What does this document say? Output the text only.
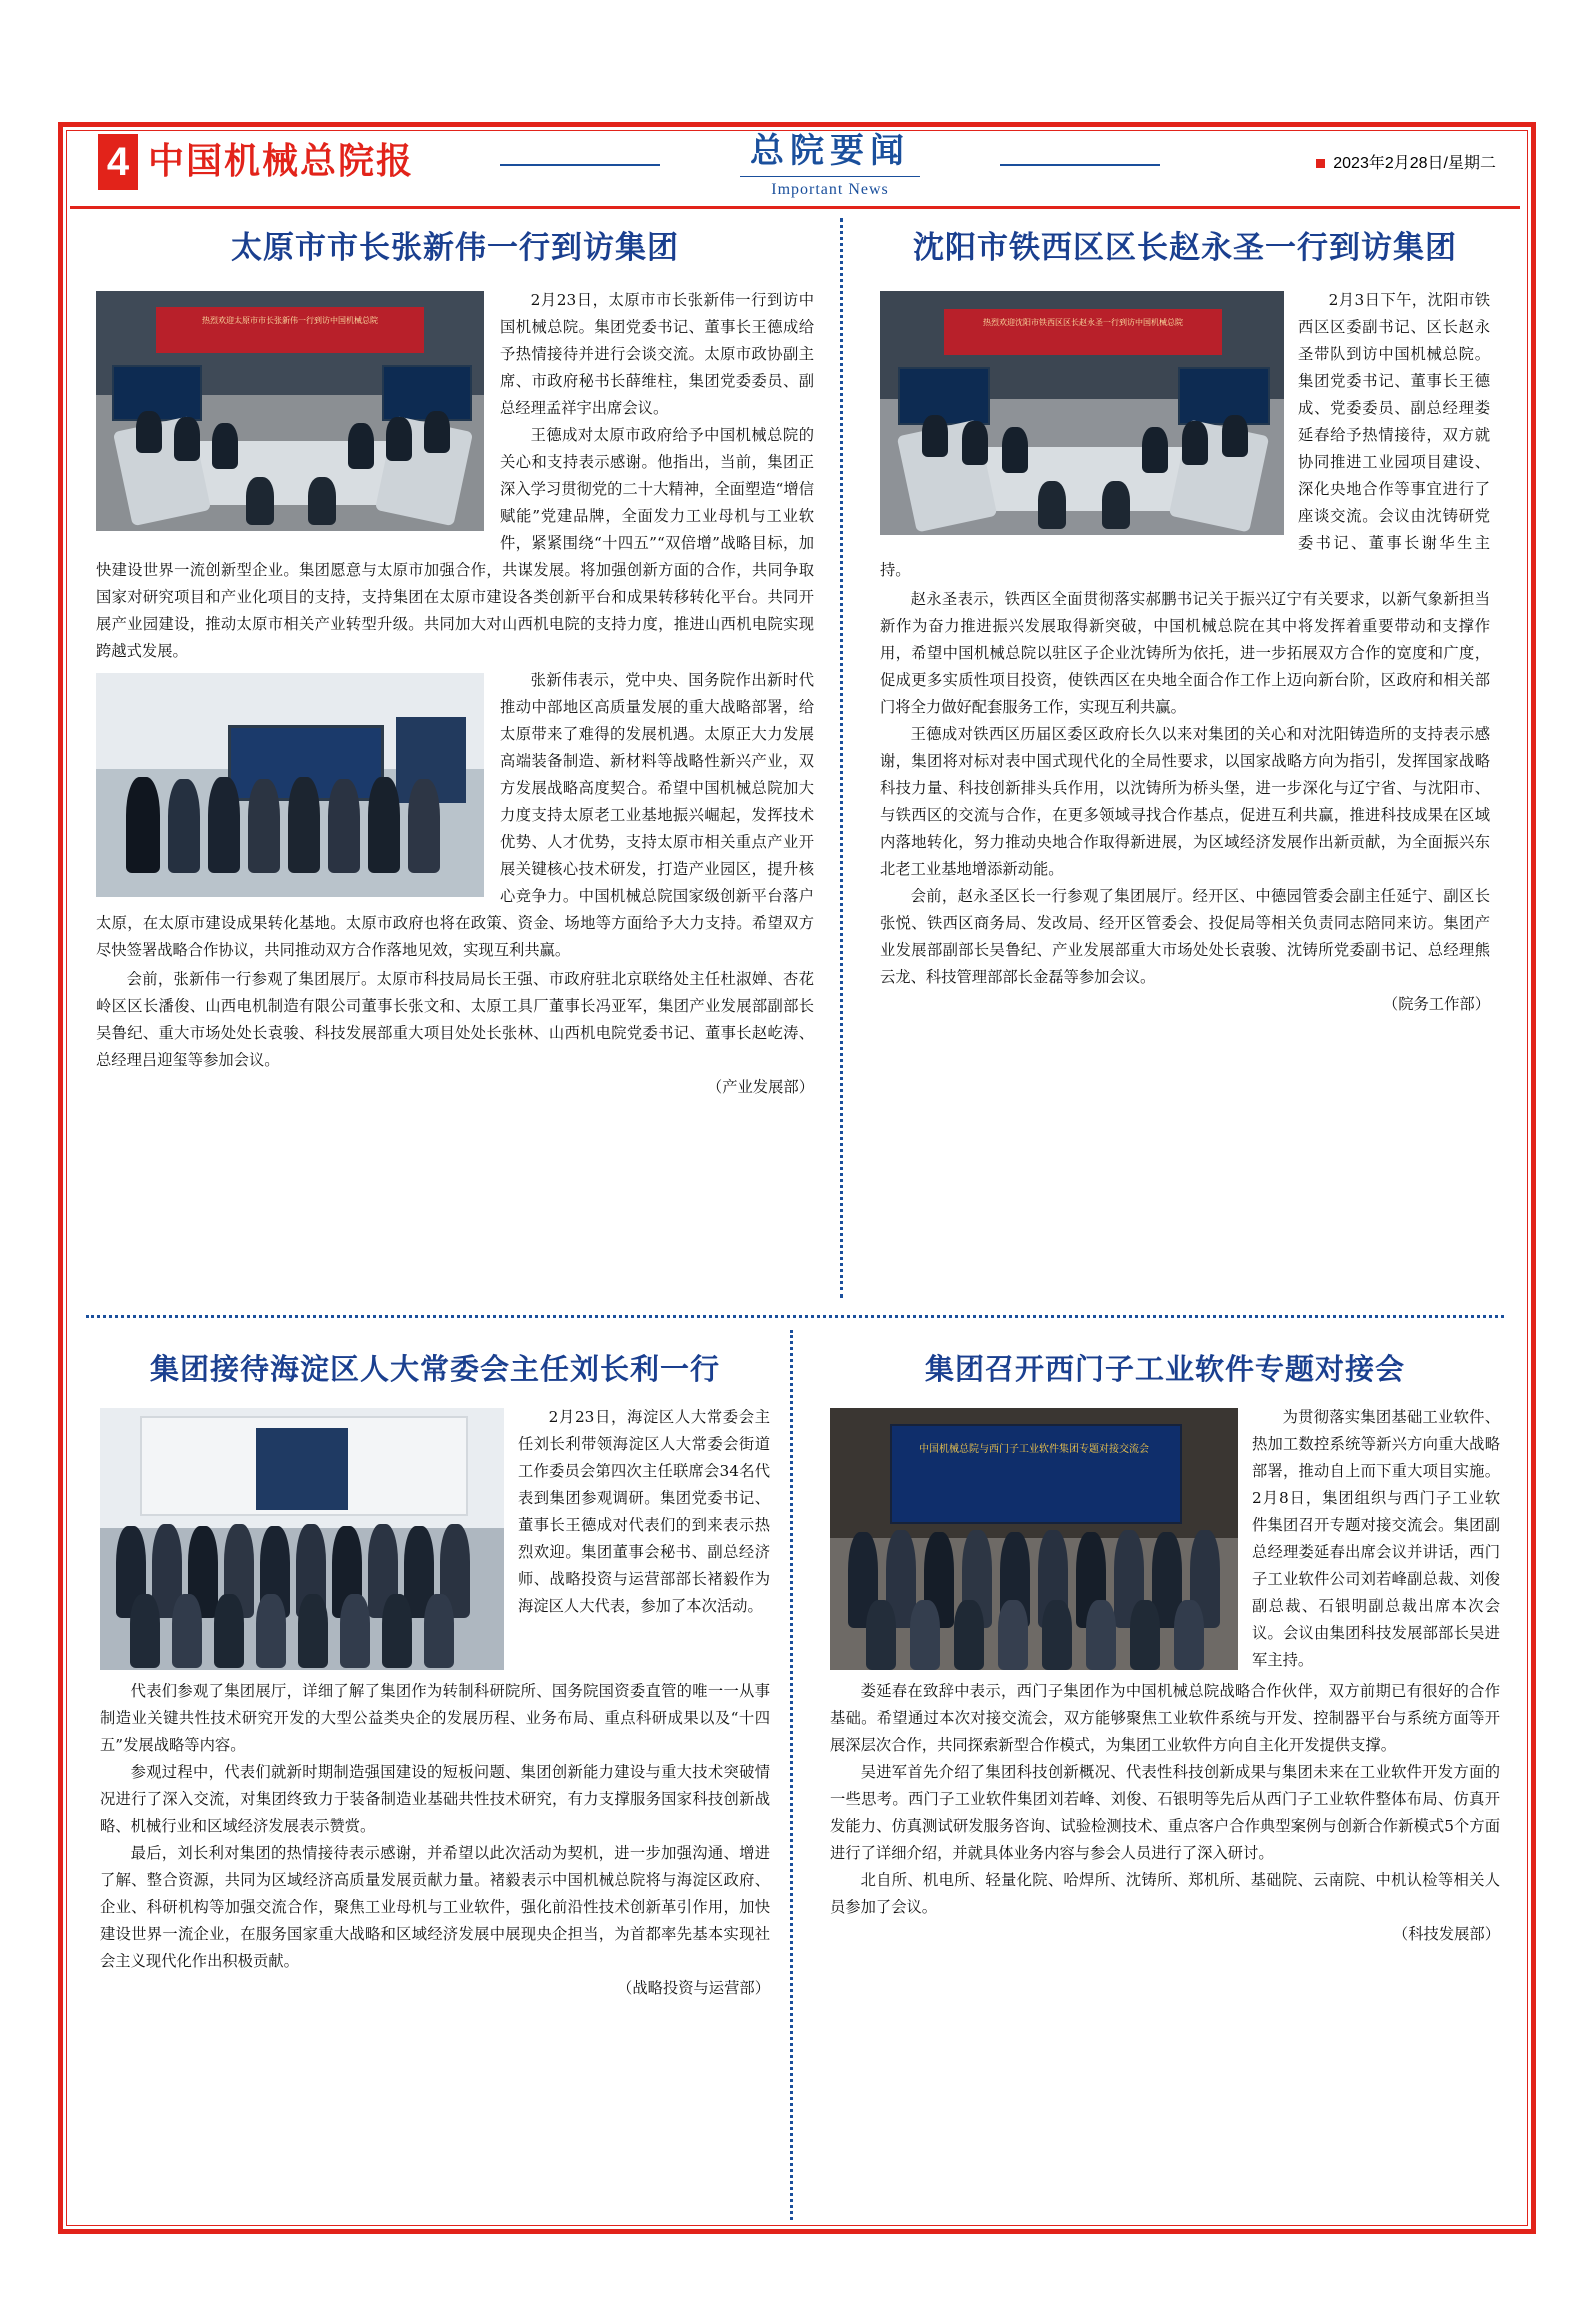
4 中国机械总院报	总院要闻
Important News
2023年2月28日/星期二
太原市市长张新伟一行到访集团
热烈欢迎太原市市长张新伟一行到访中国机械总院

2月23日，太原市市长张新伟一行到访中国机械总院。集团党委书记、董事长王德成给予热情接待并进行会谈交流。太原市政协副主席、市政府秘书长薛维柱，集团党委委员、副总经理孟祥宇出席会议。

王德成对太原市政府给予中国机械总院的关心和支持表示感谢。他指出，当前，集团正深入学习贯彻党的二十大精神，全面塑造“增信赋能”党建品牌，全面发力工业母机与工业软件，紧紧围绕“十四五”“双倍增”战略目标，加快建设世界一流创新型企业。集团愿意与太原市加强合作，共谋发展。将加强创新方面的合作，共同争取国家对研究项目和产业化项目的支持，支持集团在太原市建设各类创新平台和成果转移转化平台。共同开展产业园建设，推动太原市相关产业转型升级。共同加大对山西机电院的支持力度，推进山西机电院实现跨越式发展。

张新伟表示，党中央、国务院作出新时代推动中部地区高质量发展的重大战略部署，给太原带来了难得的发展机遇。太原正大力发展高端装备制造、新材料等战略性新兴产业，双方发展战略高度契合。希望中国机械总院加大力度支持太原老工业基地振兴崛起，发挥技术优势、人才优势，支持太原市相关重点产业开展关键核心技术研发，打造产业园区，提升核心竞争力。中国机械总院国家级创新平台落户太原，在太原市建设成果转化基地。太原市政府也将在政策、资金、场地等方面给予大力支持。希望双方尽快签署战略合作协议，共同推动双方合作落地见效，实现互利共赢。

会前，张新伟一行参观了集团展厅。太原市科技局局长王强、市政府驻北京联络处主任杜淑婵、杏花岭区区长潘俊、山西电机制造有限公司董事长张文和、太原工具厂董事长冯亚军，集团产业发展部副部长吴鲁纪、重大市场处处长袁骏、科技发展部重大项目处处长张林、山西机电院党委书记、董事长赵屹涛、总经理吕迎玺等参加会议。

（产业发展部）

沈阳市铁西区区长赵永圣一行到访集团
热烈欢迎沈阳市铁西区区长赵永圣一行到访中国机械总院

2月3日下午，沈阳市铁西区区委副书记、区长赵永圣带队到访中国机械总院。集团党委书记、董事长王德成、党委委员、副总经理娄延春给予热情接待，双方就协同推进工业园项目建设、深化央地合作等事宜进行了座谈交流。会议由沈铸研党委书记、董事长谢华生主持。

赵永圣表示，铁西区全面贯彻落实郝鹏书记关于振兴辽宁有关要求，以新气象新担当新作为奋力推进振兴发展取得新突破，中国机械总院在其中将发挥着重要带动和支撑作用，希望中国机械总院以驻区子企业沈铸所为依托，进一步拓展双方合作的宽度和广度，促成更多实质性项目投资，使铁西区在央地全面合作工作上迈向新台阶，区政府和相关部门将全力做好配套服务工作，实现互利共赢。

王德成对铁西区历届区委区政府长久以来对集团的关心和对沈阳铸造所的支持表示感谢，集团将对标对表中国式现代化的全局性要求，以国家战略方向为指引，发挥国家战略科技力量、科技创新排头兵作用，以沈铸所为桥头堡，进一步深化与辽宁省、与沈阳市、与铁西区的交流与合作，在更多领域寻找合作基点，促进互利共赢，推进科技成果在区域内落地转化，努力推动央地合作取得新进展，为区域经济发展作出新贡献，为全面振兴东北老工业基地增添新动能。

会前，赵永圣区长一行参观了集团展厅。经开区、中德园管委会副主任延宁、副区长张悦、铁西区商务局、发改局、经开区管委会、投促局等相关负责同志陪同来访。集团产业发展部副部长吴鲁纪、产业发展部重大市场处处长袁骏、沈铸所党委副书记、总经理熊云龙、科技管理部部长金磊等参加会议。

（院务工作部）

集团接待海淀区人大常委会主任刘长利一行

2月23日，海淀区人大常委会主任刘长利带领海淀区人大常委会街道工作委员会第四次主任联席会34名代表到集团参观调研。集团党委书记、董事长王德成对代表们的到来表示热烈欢迎。集团董事会秘书、副总经济师、战略投资与运营部部长褚毅作为海淀区人大代表，参加了本次活动。

代表们参观了集团展厅，详细了解了集团作为转制科研院所、国务院国资委直管的唯一一从事制造业关键共性技术研究开发的大型公益类央企的发展历程、业务布局、重点科研成果以及“十四五”发展战略等内容。

参观过程中，代表们就新时期制造强国建设的短板问题、集团创新能力建设与重大技术突破情况进行了深入交流，对集团终致力于装备制造业基础共性技术研究，有力支撑服务国家科技创新战略、机械行业和区域经济发展表示赞赏。

最后，刘长利对集团的热情接待表示感谢，并希望以此次活动为契机，进一步加强沟通、增进了解、整合资源，共同为区域经济高质量发展贡献力量。褚毅表示中国机械总院将与海淀区政府、企业、科研机构等加强交流合作，聚焦工业母机与工业软件，强化前沿性技术创新革引作用，加快建设世界一流企业，在服务国家重大战略和区域经济发展中展现央企担当，为首都率先基本实现社会主义现代化作出积极贡献。

（战略投资与运营部）

集团召开西门子工业软件专题对接会
中国机械总院与西门子工业软件集团专题对接交流会

为贯彻落实集团基础工业软件、热加工数控系统等新兴方向重大战略部署，推动自上而下重大项目实施。2月8日，集团组织与西门子工业软件集团召开专题对接交流会。集团副总经理娄延春出席会议并讲话，西门子工业软件公司刘若峰副总裁、刘俊副总裁、石银明副总裁出席本次会议。会议由集团科技发展部部长吴进军主持。

娄延春在致辞中表示，西门子集团作为中国机械总院战略合作伙伴，双方前期已有很好的合作基础。希望通过本次对接交流会，双方能够聚焦工业软件系统与开发、控制器平台与系统方面等开展深层次合作，共同探索新型合作模式，为集团工业软件方向自主化开发提供支撑。

吴进军首先介绍了集团科技创新概况、代表性科技创新成果与集团未来在工业软件开发方面的一些思考。西门子工业软件集团刘若峰、刘俊、石银明等先后从西门子工业软件整体布局、仿真开发能力、仿真测试研发服务咨询、试验检测技术、重点客户合作典型案例与创新合作新模式5个方面进行了详细介绍，并就具体业务内容与参会人员进行了深入研讨。

北自所、机电所、轻量化院、哈焊所、沈铸所、郑机所、基础院、云南院、中机认检等相关人员参加了会议。

（科技发展部）
